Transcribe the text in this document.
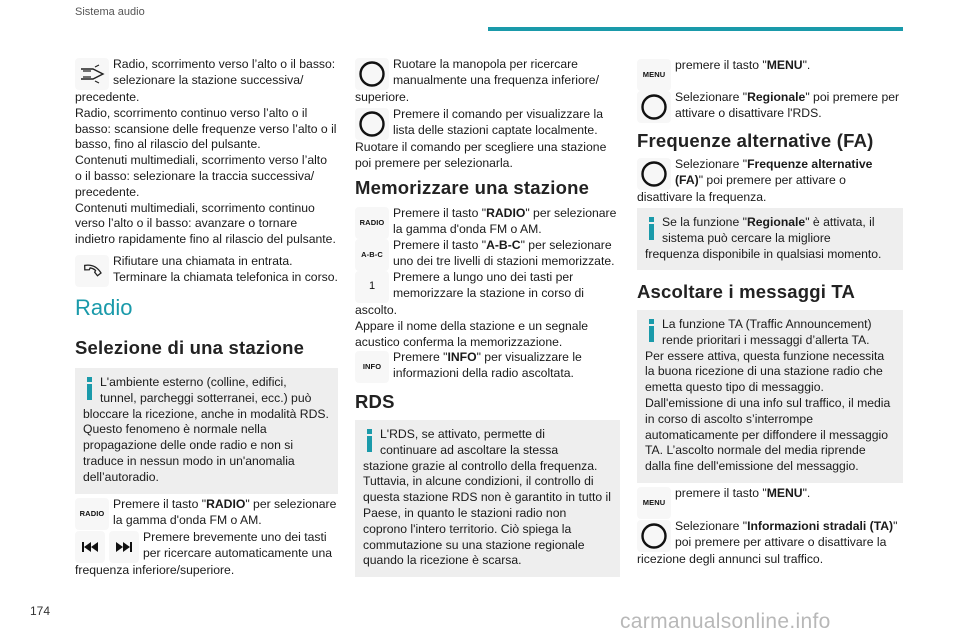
Sistema audio

Radio, scorrimento verso l’alto o il basso:

selezionare la stazione successiva/

precedente.

Radio, scorrimento continuo verso l’alto o il

basso: scansione delle frequenze verso l’alto o il

basso, fino al rilascio del pulsante.

Contenuti multimediali, scorrimento verso l’alto

o il basso: selezionare la traccia successiva/

precedente.

Contenuti multimediali, scorrimento continuo

verso l’alto o il basso: avanzare o tornare

indietro rapidamente fino al rilascio del pulsante.

Rifiutare una chiamata in entrata.

Terminare la chiamata telefonica in corso.

Radio
Selezione di una stazione

L'ambiente esterno (colline, edifici,

tunnel, parcheggi sotterranei, ecc.) può

bloccare la ricezione, anche in modalità RDS.

Questo fenomeno è normale nella

propagazione delle onde radio e non si

traduce in nessun modo in un'anomalia

dell’autoradio.

RADIO

Premere il tasto "RADIO" per selezionare

la gamma d'onda FM o AM.

Premere brevemente uno dei tasti

per ricercare automaticamente una

frequenza inferiore/superiore.

Ruotare la manopola per ricercare

manualmente una frequenza inferiore/

superiore.

Premere il comando per visualizzare la

lista delle stazioni captate localmente.

Ruotare il comando per scegliere una stazione

poi premere per selezionarla.

Memorizzare una stazione
RADIO

Premere il tasto "RADIO" per selezionare

la gamma d'onda FM o AM.

A-B-C

Premere il tasto "A-B-C" per selezionare

uno dei tre livelli di stazioni memorizzate.

1

Premere a lungo uno dei tasti per

memorizzare la stazione in corso di

ascolto.

Appare il nome della stazione e un segnale

acustico conferma la memorizzazione.

INFO

Premere "INFO" per visualizzare le

informazioni della radio ascoltata.

RDS

L'RDS, se attivato, permette di

continuare ad ascoltare la stessa

stazione grazie al controllo della frequenza.

Tuttavia, in alcune condizioni, il controllo di

questa stazione RDS non è garantito in tutto il

Paese, in quanto le stazioni radio non

coprono l'intero territorio. Ciò spiega la

commutazione su una stazione regionale

quando la ricezione è scarsa.

MENU

premere il tasto "MENU".

Selezionare "Regionale" poi premere per

attivare o disattivare l'RDS.

Frequenze alternative (FA)

Selezionare "Frequenze alternative

(FA)" poi premere per attivare o

disattivare la frequenza.

Se la funzione "Regionale" è attivata, il

sistema può cercare la migliore

frequenza disponibile in qualsiasi momento.

Ascoltare i messaggi TA

La funzione TA (Traffic Announcement)

rende prioritari i messaggi d’allerta TA.

Per essere attiva, questa funzione necessita

la buona ricezione di una stazione radio che

emetta questo tipo di messaggio.

Dall'emissione di una info sul traffico, il media

in corso di ascolto s’interrompe

automaticamente per diffondere il messaggio

TA. L’ascolto normale del media riprende

dalla fine dell'emissione del messaggio.

MENU

premere il tasto "MENU".

Selezionare "Informazioni stradali (TA)"

poi premere per attivare o disattivare la

ricezione degli annunci sul traffico.

174	carmanualsonline.info
